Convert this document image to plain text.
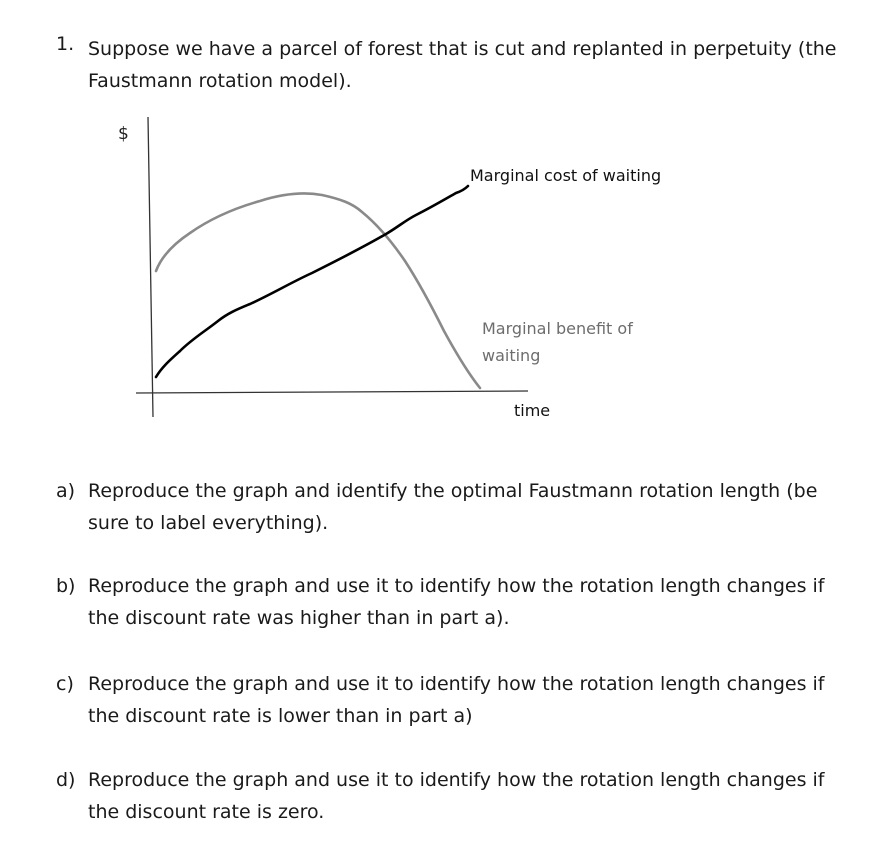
1. Suppose we have a parcel of forest that is cut and replanted in perpetuity (the Faustmann rotation model).
$
Marginal cost of waiting
Marginal benefit of waiting
time
a) Reproduce the graph and identify the optimal Faustmann rotation length (be sure to label everything).
b) Reproduce the graph and use it to identify how the rotation length changes if the discount rate was higher than in part a).
c) Reproduce the graph and use it to identify how the rotation length changes if the discount rate is lower than in part a)
d) Reproduce the graph and use it to identify how the rotation length changes if the discount rate is zero.
